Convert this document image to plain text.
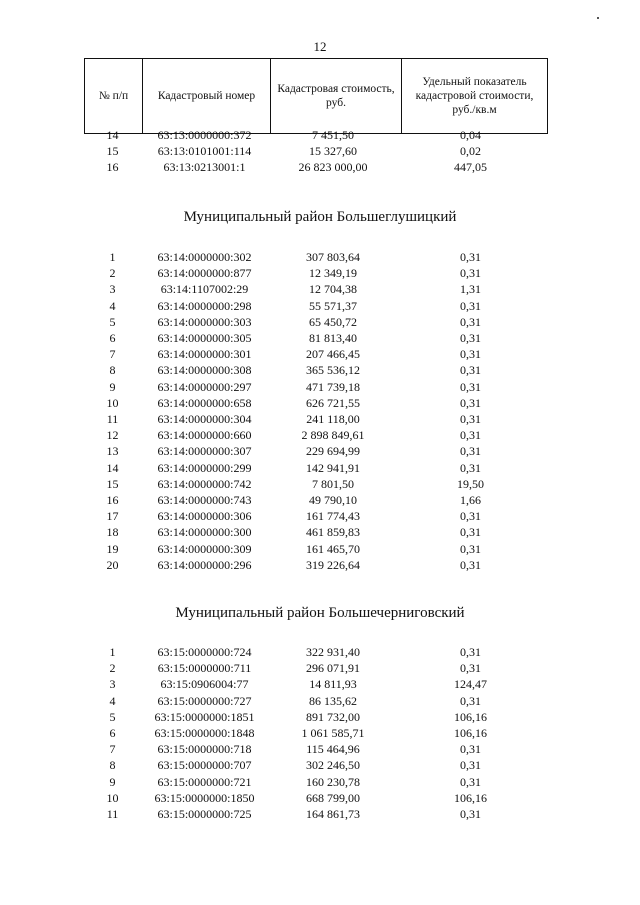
12
№ п/п	Кадастровый номер	Кадастровая стоимость, руб.	Удельный показатель кадастровой стоимости, руб./кв.м
14	63:13:0000000:372	7 451,50	0,04
15	63:13:0101001:114	15 327,60	0,02
16	63:13:0213001:1	26 823 000,00	447,05
Муниципальный район Большеглушицкий
1	63:14:0000000:302	307 803,64	0,31
2	63:14:0000000:877	12 349,19	0,31
3	63:14:1107002:29	12 704,38	1,31
4	63:14:0000000:298	55 571,37	0,31
5	63:14:0000000:303	65 450,72	0,31
6	63:14:0000000:305	81 813,40	0,31
7	63:14:0000000:301	207 466,45	0,31
8	63:14:0000000:308	365 536,12	0,31
9	63:14:0000000:297	471 739,18	0,31
10	63:14:0000000:658	626 721,55	0,31
11	63:14:0000000:304	241 118,00	0,31
12	63:14:0000000:660	2 898 849,61	0,31
13	63:14:0000000:307	229 694,99	0,31
14	63:14:0000000:299	142 941,91	0,31
15	63:14:0000000:742	7 801,50	19,50
16	63:14:0000000:743	49 790,10	1,66
17	63:14:0000000:306	161 774,43	0,31
18	63:14:0000000:300	461 859,83	0,31
19	63:14:0000000:309	161 465,70	0,31
20	63:14:0000000:296	319 226,64	0,31
Муниципальный район Большечерниговский
1	63:15:0000000:724	322 931,40	0,31
2	63:15:0000000:711	296 071,91	0,31
3	63:15:0906004:77	14 811,93	124,47
4	63:15:0000000:727	86 135,62	0,31
5	63:15:0000000:1851	891 732,00	106,16
6	63:15:0000000:1848	1 061 585,71	106,16
7	63:15:0000000:718	115 464,96	0,31
8	63:15:0000000:707	302 246,50	0,31
9	63:15:0000000:721	160 230,78	0,31
10	63:15:0000000:1850	668 799,00	106,16
11	63:15:0000000:725	164 861,73	0,31
